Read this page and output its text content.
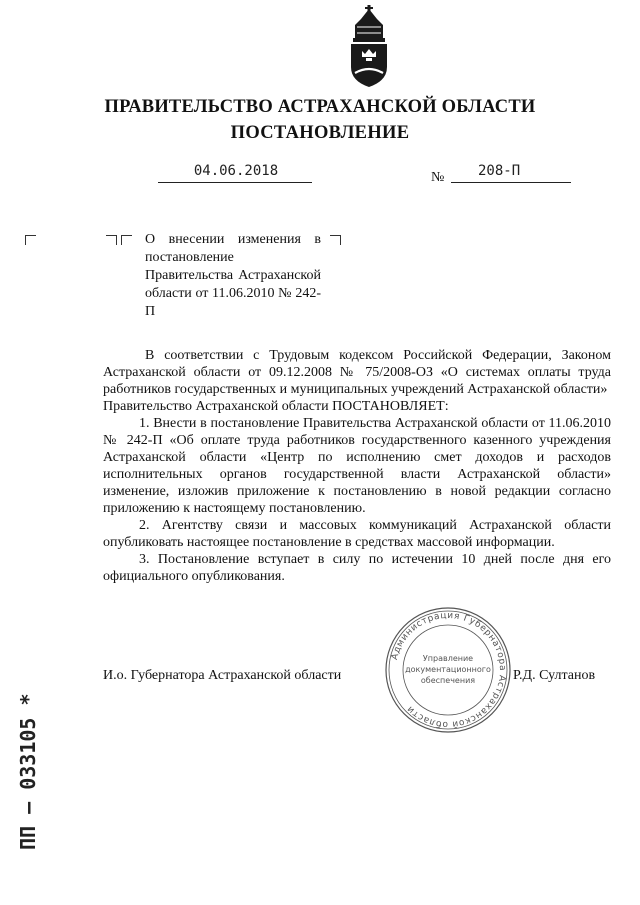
ПРАВИТЕЛЬСТВО АСТРАХАНСКОЙ ОБЛАСТИ
ПОСТАНОВЛЕНИЕ
04.06.2018	№	208-П
О внесении изменения в постановление Правительства Астраханской области от 11.06.2010 № 242-П

В соответствии с Трудовым кодексом Российской Федерации, Законом Астраханской области от 09.12.2008 № 75/2008-ОЗ «О системах оплаты труда работников государственных и муниципальных учреждений Астраханской области»

Правительство Астраханской области ПОСТАНОВЛЯЕТ:

1. Внести в постановление Правительства Астраханской области от 11.06.2010 № 242-П «Об оплате труда работников государственного казенного учреждения Астраханской области «Центр по исполнению смет доходов и расходов исполнительных органов государственной власти Астраханской области» изменение, изложив приложение к постановлению в новой редакции согласно приложению к настоящему постановлению.

2. Агентству связи и массовых коммуникаций Астраханской области опубликовать настоящее постановление в средствах массовой информации.

3. Постановление вступает в силу по истечении 10 дней после дня его официального опубликования.

И.о. Губернатора Астраханской области	Р.Д. Султанов
Администрация Губернатора Астраханской области
Управление
документационного
обеспечения
ПП – 033105 *
